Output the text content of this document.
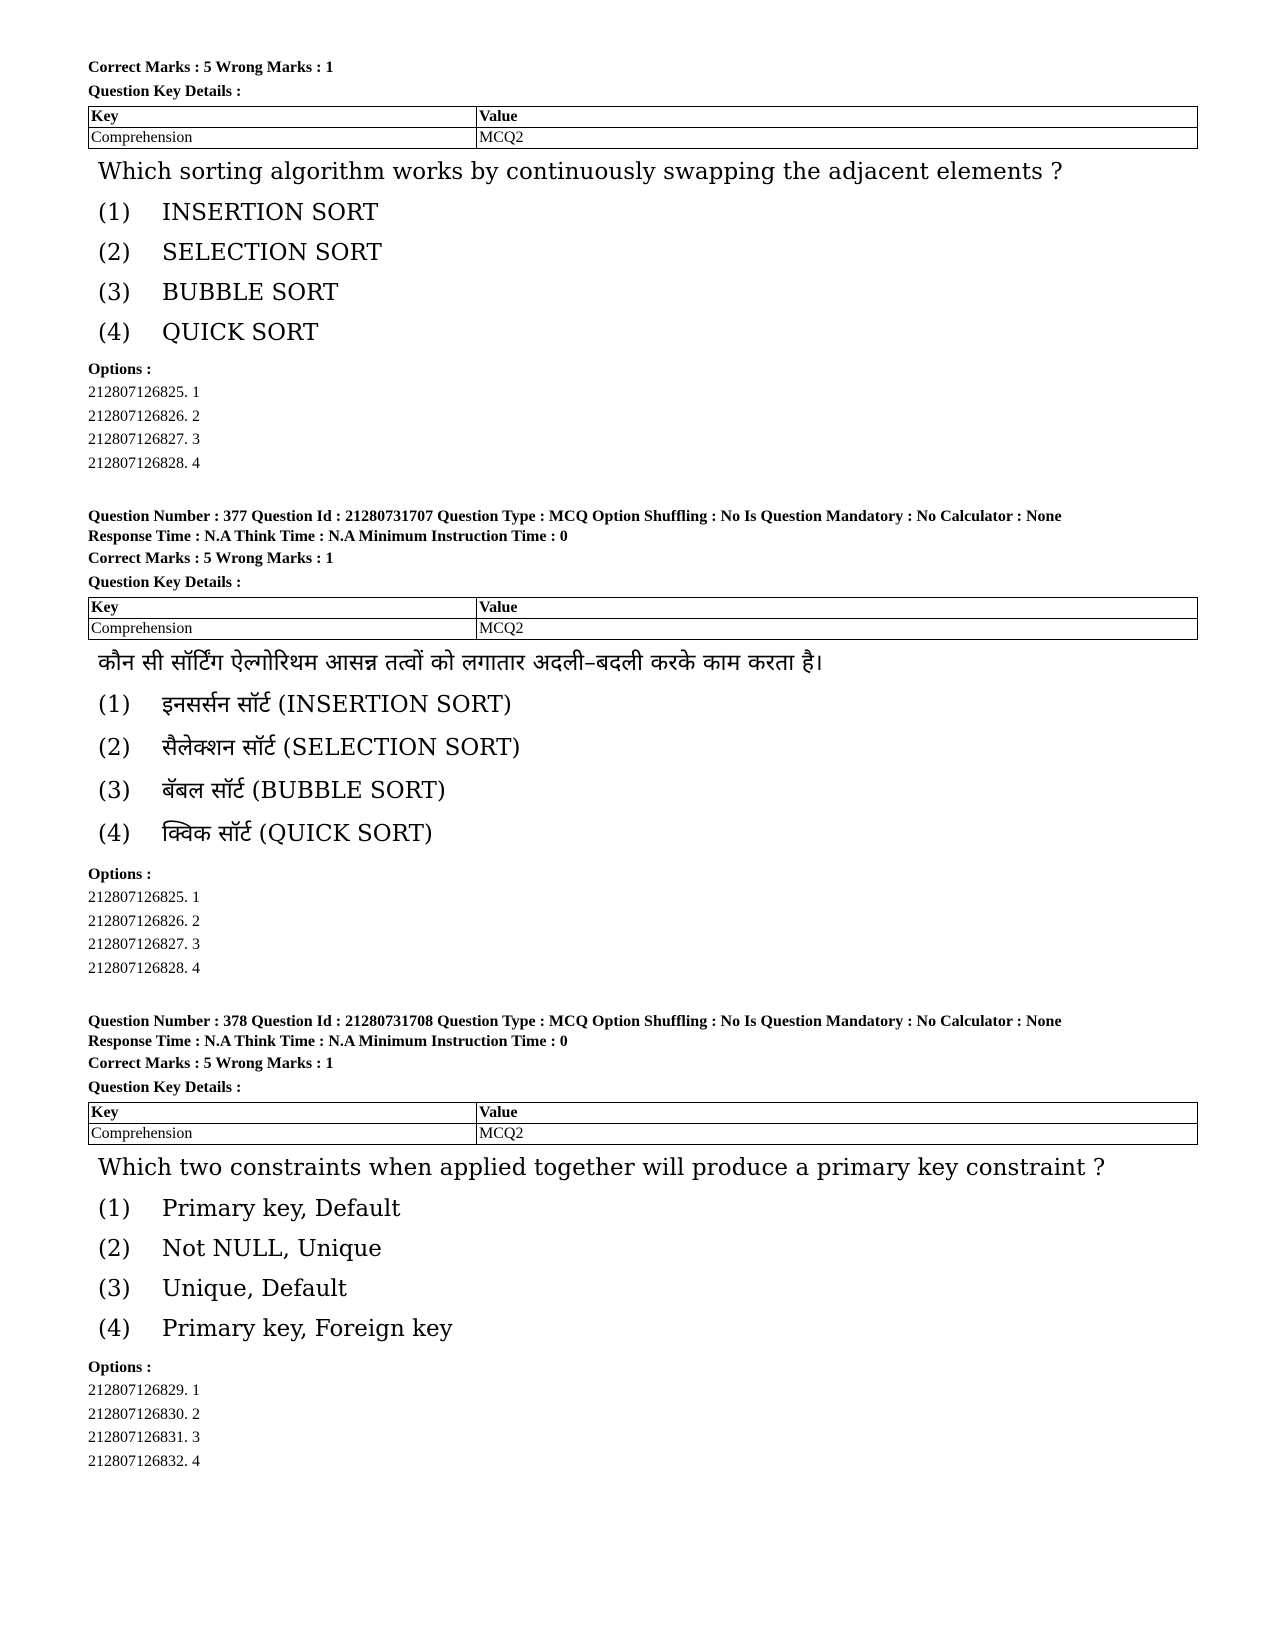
Correct Marks : 5 Wrong Marks : 1
Question Key Details :
Key	Value
Comprehension	MCQ2
Which sorting algorithm works by continuously swapping the adjacent elements ?
(1)	INSERTION SORT
(2)	SELECTION SORT
(3)	BUBBLE SORT
(4)	QUICK SORT
Options :
212807126825. 1
212807126826. 2
212807126827. 3
212807126828. 4
Question Number : 377 Question Id : 21280731707 Question Type : MCQ Option Shuffling : No Is Question Mandatory : No Calculator : None
Response Time : N.A Think Time : N.A Minimum Instruction Time : 0
Correct Marks : 5 Wrong Marks : 1
Question Key Details :
Key	Value
Comprehension	MCQ2
कौन सी सॉर्टिंग ऐल्गोरिथम आसन्न तत्वों को लगातार अदली–बदली करके काम करता है।
(1)	इनसर्सन सॉर्ट (INSERTION SORT)
(2)	सैलेक्शन सॉर्ट (SELECTION SORT)
(3)	बॅबल सॉर्ट (BUBBLE SORT)
(4)	क्विक सॉर्ट (QUICK SORT)
Options :
212807126825. 1
212807126826. 2
212807126827. 3
212807126828. 4
Question Number : 378 Question Id : 21280731708 Question Type : MCQ Option Shuffling : No Is Question Mandatory : No Calculator : None
Response Time : N.A Think Time : N.A Minimum Instruction Time : 0
Correct Marks : 5 Wrong Marks : 1
Question Key Details :
Key	Value
Comprehension	MCQ2
Which two constraints when applied together will produce a primary key constraint ?
(1)	Primary key, Default
(2)	Not NULL, Unique
(3)	Unique, Default
(4)	Primary key, Foreign key
Options :
212807126829. 1
212807126830. 2
212807126831. 3
212807126832. 4
